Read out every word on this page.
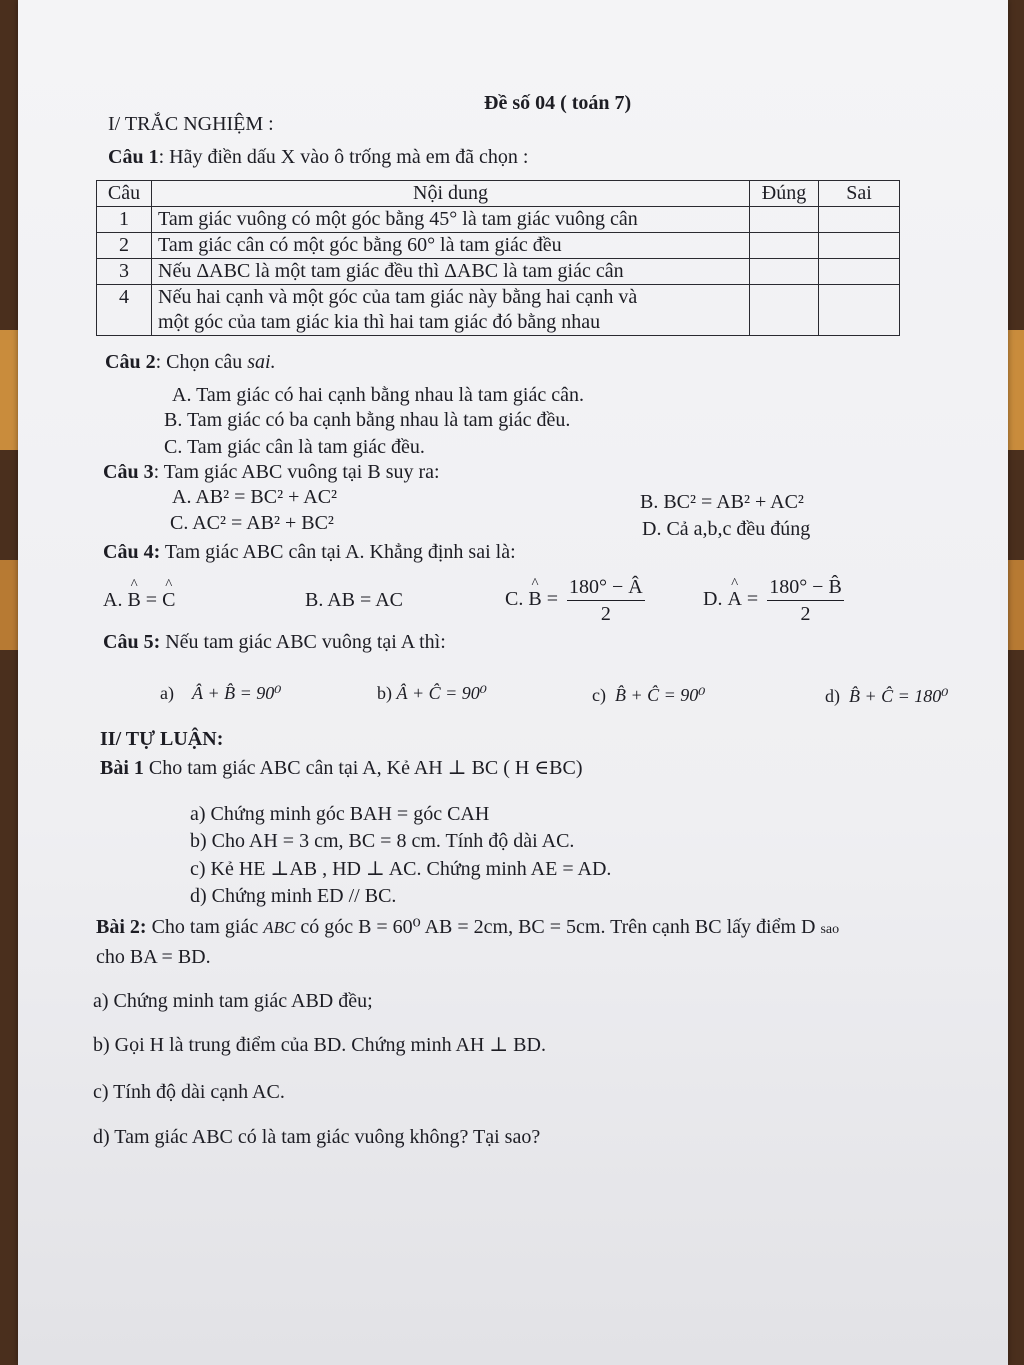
Đề số 04 ( toán 7)
I/ TRẮC NGHIỆM :
Câu 1: Hãy điền dấu X vào ô trống mà em đã chọn :
Câu	Nội dung	Đúng	Sai
1	Tam giác vuông có một góc bằng 45° là tam giác vuông cân		
2	Tam giác cân có một góc bằng 60° là tam giác đều		
3	Nếu ΔABC là một tam giác đều thì ΔABC là tam giác cân		
4	Nếu hai cạnh và một góc của tam giác này bằng hai cạnh và
một góc của tam giác kia thì hai tam giác đó bằng nhau		

Câu 2: Chọn câu sai.
A. Tam giác có hai cạnh bằng nhau là tam giác cân.
B. Tam giác có ba cạnh bằng nhau là tam giác đều.
C. Tam giác cân là tam giác đều.
Câu 3: Tam giác ABC vuông tại B suy ra:
A. AB² = BC² + AC²	B. BC² = AB² + AC²
C. AC² = AB² + BC²	D. Cả a,b,c đều đúng
Câu 4: Tam giác ABC cân tại A. Khẳng định sai là:
A. ^ B = ^ C	B. AB = AC	C. ^ $B = \frac{180^\circ - Â}{2}$	D. ^ $A = \frac{180^\circ - B̂}{2}$
Câu 5: Nếu tam giác ABC vuông tại A thì:
a) Â + B̂ = 90⁰	b) Â + Ĉ = 90⁰	c) B̂ + Ĉ = 90⁰	d) B̂ + Ĉ = 180⁰
II/ TỰ LUẬN:
Bài 1 Cho tam giác ABC cân tại A, Kẻ AH ⊥ BC ( H ∈BC)
a) Chứng minh góc BAH = góc CAH
b) Cho AH = 3 cm, BC = 8 cm. Tính độ dài AC.
c) Kẻ HE ⊥AB , HD ⊥ AC. Chứng minh AE = AD.
d) Chứng minh ED // BC.
Bài 2: Cho tam giác ABC có góc B = 60⁰ AB = 2cm, BC = 5cm. Trên cạnh BC lấy điểm D sao
cho BA = BD.
a) Chứng minh tam giác ABD đều;
b) Gọi H là trung điểm của BD. Chứng minh AH ⊥ BD.
c) Tính độ dài cạnh AC.
d) Tam giác ABC có là tam giác vuông không? Tại sao?
